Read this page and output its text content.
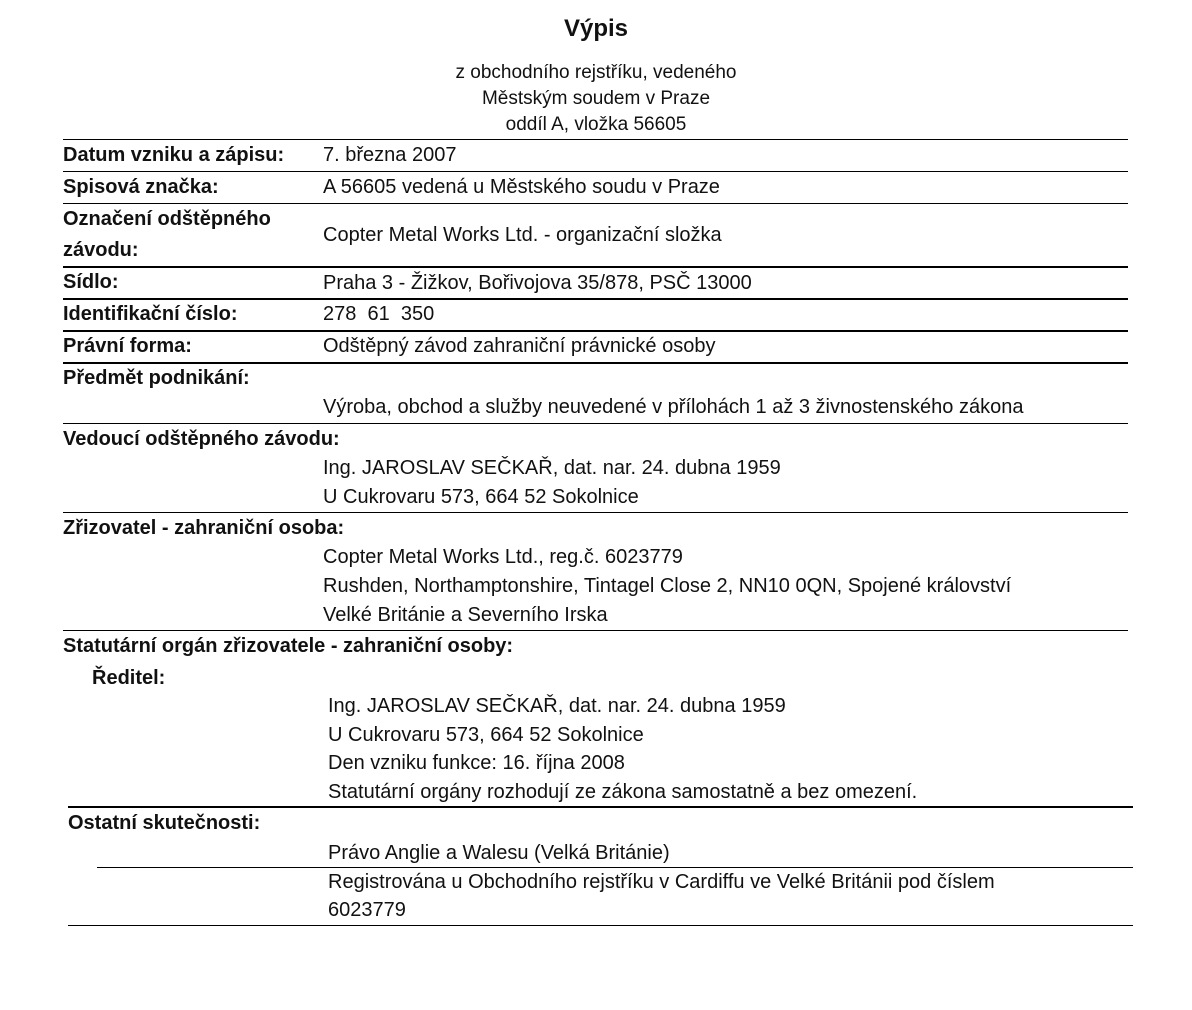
Výpis
z obchodního rejstříku, vedeného
Městským soudem v Praze
oddíl A, vložka 56605
Datum vzniku a zápisu: 7. března 2007
Spisová značka:	A 56605 vedená u Městského soudu v Praze
Označení odštěpného
závodu:
Copter Metal Works Ltd. - organizační složka
Sídlo:	Praha 3 - Žižkov, Bořivojova 35/878, PSČ 13000
Identifikační číslo:	278  61  350
Právní forma:	Odštěpný závod zahraniční právnické osoby
Předmět podnikání:
Výroba, obchod a služby neuvedené v přílohách 1 až 3 živnostenského zákona
Vedoucí odštěpného závodu:
Ing. JAROSLAV SEČKAŘ, dat. nar. 24. dubna 1959
U Cukrovaru 573, 664 52 Sokolnice
Zřizovatel - zahraniční osoba:
Copter Metal Works Ltd., reg.č. 6023779
Rushden, Northamptonshire, Tintagel Close 2, NN10 0QN, Spojené království
Velké Británie a Severního Irska
Statutární orgán zřizovatele - zahraniční osoby:
Ředitel:
Ing. JAROSLAV SEČKAŘ, dat. nar. 24. dubna 1959
U Cukrovaru 573, 664 52 Sokolnice
Den vzniku funkce: 16. října 2008
Statutární orgány rozhodují ze zákona samostatně a bez omezení.
Ostatní skutečnosti:
Právo Anglie a Walesu (Velká Británie)
Registrována u Obchodního rejstříku v Cardiffu ve Velké Británii pod číslem
6023779
